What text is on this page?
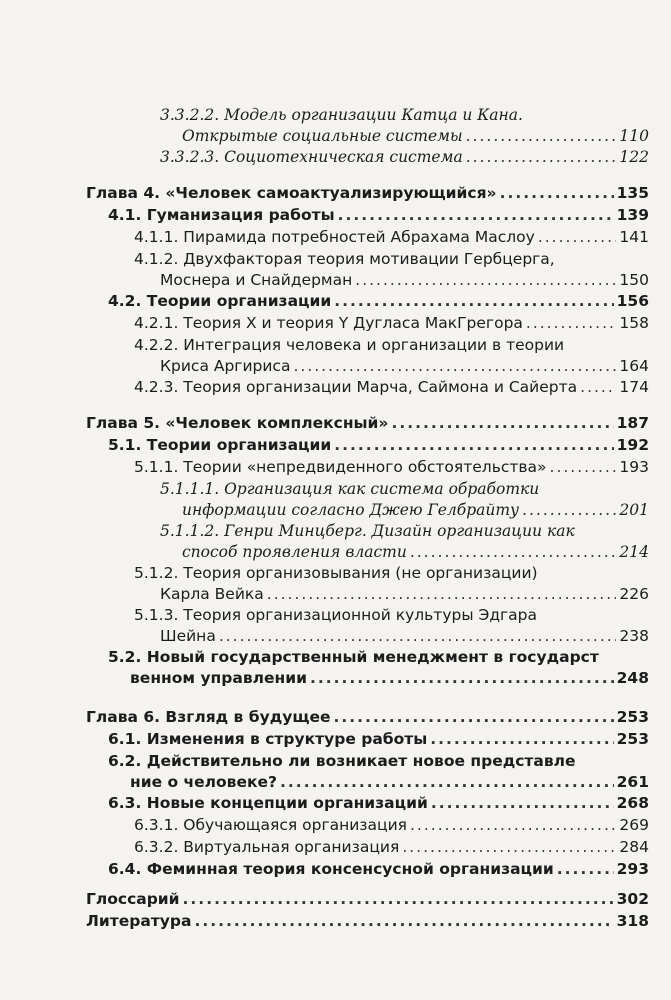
3.3.2.2. Модель организации Катца и Кана.
Открытые социальные системы .....	110
3.3.2.3. Социотехническая система .....	122
Глава 4. «Человек самоактуализирующийся» .....	135
4.1. Гуманизация работы .....	139
4.1.1. Пирамида потребностей Абрахама Маслоу .....	141
4.1.2. Двухфакторая теория мотивации Гербцерга,
Моснера и Снайдерман .....	150
4.2. Теории организации .....	156
4.2.1. Теория X и теория Y Дугласа МакГрегора .....	158
4.2.2. Интеграция человека и организации в теории
Криса Аргириса .....	164
4.2.3. Теория организации Марча, Саймона и Сайерта .....	174
Глава 5. «Человек комплексный» .....	187
5.1. Теории организации .....	192
5.1.1. Теории «непредвиденного обстоятельства» .....	193
5.1.1.1. Организация как система обработки
информации согласно Джею Гелбрайту .....	201
5.1.1.2. Генри Минцберг. Дизайн организации как
способ проявления власти .....	214
5.1.2. Теория организовывания (не организации)
Карла Вейка .....	226
5.1.3. Теория организационной культуры Эдгара
Шейна .....	238
5.2. Новый государственный менеджмент в государст
венном управлении .....	248
Глава 6. Взгляд в будущее .....	253
6.1. Изменения в структуре работы .....	253
6.2. Действительно ли возникает новое представле
ние о человеке? .....	261
6.3. Новые концепции организаций .....	268
6.3.1. Обучающаяся организация .....	269
6.3.2. Виртуальная организация .....	284
6.4. Феминная теория консенсусной организации .....	293
Глоссарий .....	302
Литература .....	318
